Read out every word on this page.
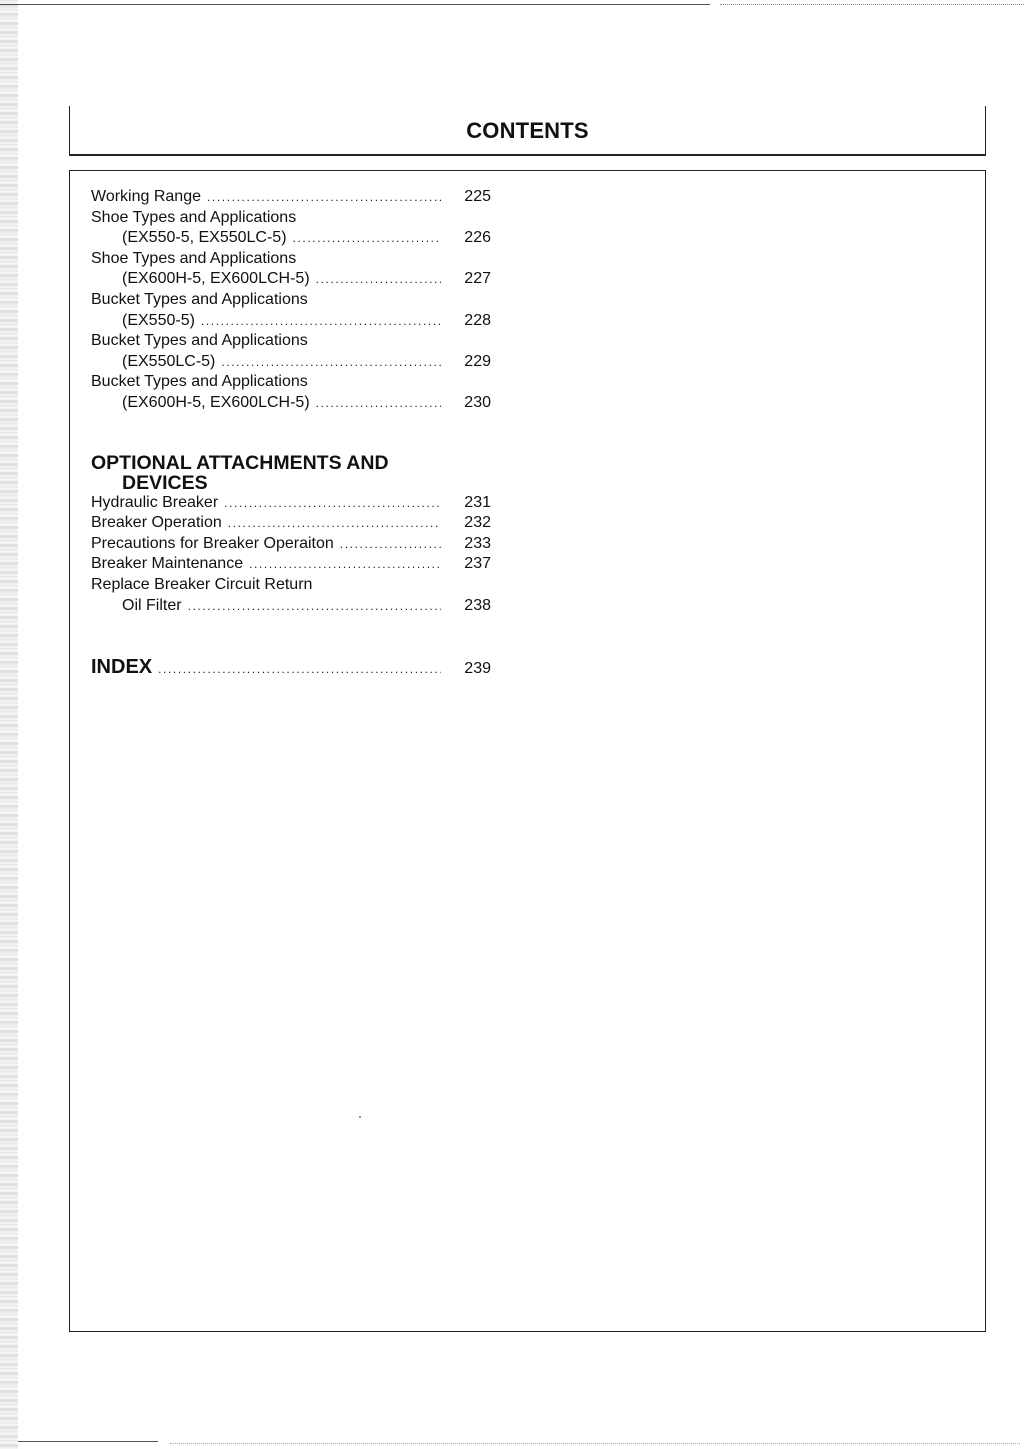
CONTENTS
Working Range .....	225
Shoe Types and Applications
(EX550-5, EX550LC-5) .....	226
Shoe Types and Applications
(EX600H-5, EX600LCH-5) .....	227
Bucket Types and Applications
(EX550-5) .....	228
Bucket Types and Applications
(EX550LC-5) .....	229
Bucket Types and Applications
(EX600H-5, EX600LCH-5) .....	230
OPTIONAL ATTACHMENTS AND
DEVICES
Hydraulic Breaker .....	231
Breaker Operation .....	232
Precautions for Breaker Operaiton .....	233
Breaker Maintenance .....	237
Replace Breaker Circuit Return
Oil Filter .....	238
INDEX .....	239
